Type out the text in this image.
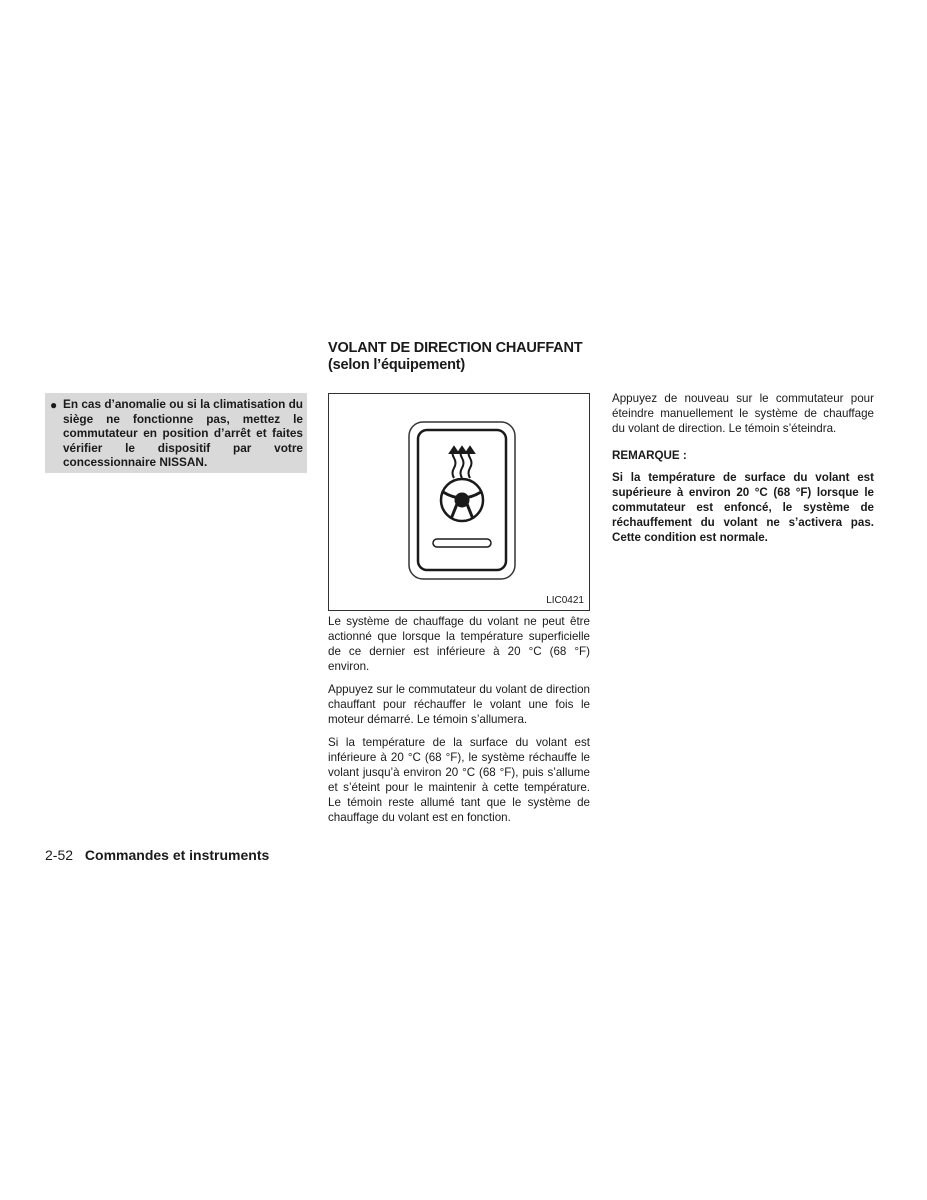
VOLANT DE DIRECTION CHAUFFANT
(selon l’équipement)
● En cas d’anomalie ou si la climatisation du siège ne fonctionne pas, mettez le commutateur en position d’arrêt et faites vérifier le dispositif par votre concessionnaire NISSAN.
LIC0421

Le système de chauffage du volant ne peut être actionné que lorsque la température superficielle de ce dernier est inférieure à 20 °C (68 °F) environ.

Appuyez sur le commutateur du volant de direction chauffant pour réchauffer le volant une fois le moteur démarré. Le témoin s’allumera.

Si la température de la surface du volant est inférieure à 20 °C (68 °F), le système réchauffe le volant jusqu’à environ 20 °C (68 °F), puis s’allume et s’éteint pour le maintenir à cette température. Le témoin reste allumé tant que le système de chauffage du volant est en fonction.

Appuyez de nouveau sur le commutateur pour éteindre manuellement le système de chauffage du volant de direction. Le témoin s’éteindra.

REMARQUE :

Si la température de surface du volant est supérieure à environ 20 °C (68 °F) lorsque le commutateur est enfoncé, le système de réchauffement du volant ne s’activera pas. Cette condition est normale.

2-52 Commandes et instruments
